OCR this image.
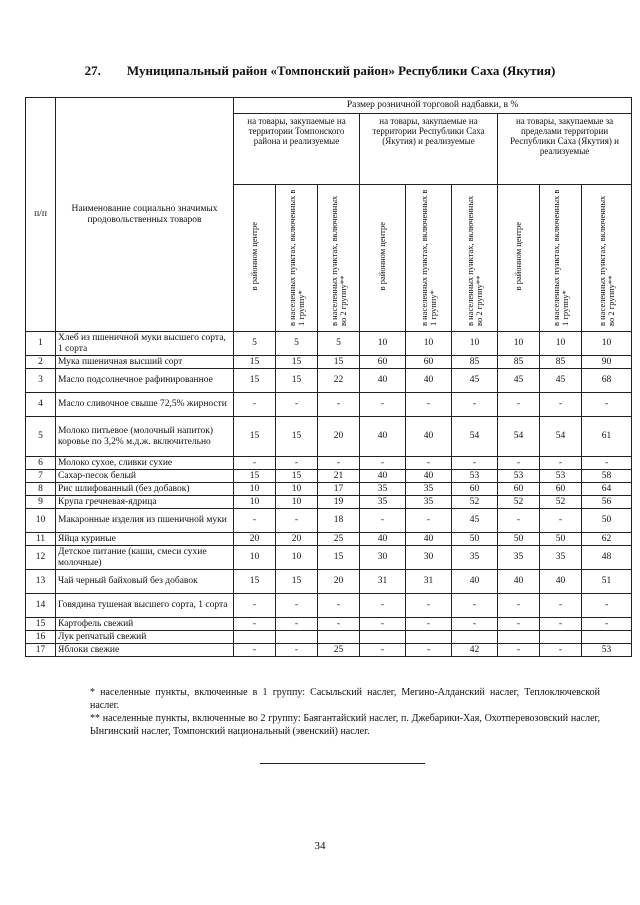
27. Муниципальный район «Томпонский район» Республики Саха (Якутия)
п/п	Наименование социально значимых продовольственных товаров	Размер розничной торговой надбавки, в %								
		на товары, закупаемые на территории Томпонского района и реализуемые			на товары, закупаемые на территории Республики Саха (Якутия) и реализуемые			на товары, закупаемые за пределами территории Республики Саха (Якутия) и реализуемые		
		в районном центре	в населенных пунктах, включенных в 1 группу*	в населенных пунктах, включенных во 2 группу**	в районном центре	в населенных пунктах, включенных в 1 группу*	в населенных пунктах, включенных во 2 группу**	в районном центре	в населенных пунктах, включенных в 1 группу*	в населенных пунктах, включенных во 2 группу**
1	Хлеб из пшеничной муки высшего сорта, 1 сорта	5	5	5	10	10	10	10	10	10
2	Мука пшеничная высший сорт	15	15	15	60	60	85	85	85	90
3	Масло подсолнечное рафинированное	15	15	22	40	40	45	45	45	68
4	Масло сливочное свыше 72,5% жирности	-	-	-	-	-	-	-	-	-
5	Молоко питьевое (молочный напиток) коровье по 3,2% м.д.ж. включительно	15	15	20	40	40	54	54	54	61
6	Молоко сухое, сливки сухие	-	-	-	-	-	-	-	-	-
7	Сахар-песок белый	15	15	21	40	40	53	53	53	58
8	Рис шлифованный (без добавок)	10	10	17	35	35	60	60	60	64
9	Крупа гречневая-ядрица	10	10	19	35	35	52	52	52	56
10	Макаронные изделия из пшеничной муки	-	-	18	-	-	45	-	-	50
11	Яйца куриные	20	20	25	40	40	50	50	50	62
12	Детское питание (каши, смеси сухие молочные)	10	10	15	30	30	35	35	35	48
13	Чай черный байховый без добавок	15	15	20	31	31	40	40	40	51
14	Говядина тушеная высшего сорта, 1 сорта	-	-	-	-	-	-	-	-	-
15	Картофель свежий	-	-	-	-	-	-	-	-	-
16	Лук репчатый свежий									
17	Яблоки свежие	-	-	25	-	-	42	-	-	53

* населенные пункты, включенные в 1 группу: Сасыльский наслег, Мегино-Алданский наслег, Теплоключевской наслег.

** населенные пункты, включенные во 2 группу: Баягантайский наслег, п. Джебарики-Хая, Охотперевозовский наслег, Ынгинский наслег, Томпонский национальный (эвенский) наслег.

34
